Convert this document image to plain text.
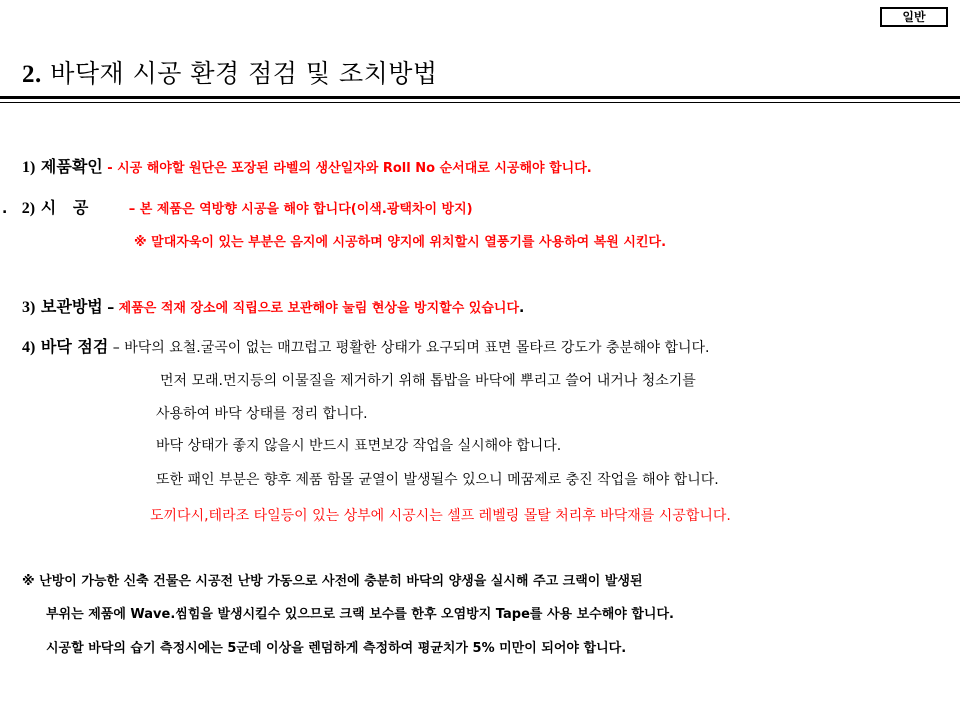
일반
2. 바닥재 시공 환경 점검 및 조치방법
1) 제품확인 - 시공 해야할 원단은 포장된 라벨의 생산일자와 Roll No 순서대로 시공해야 합니다.
. 2) 시   공	– 본 제품은 역방향 시공을 해야 합니다(이색.광택차이 방지)
※ 말대자욱이 있는 부분은 음지에 시공하며 양지에 위치할시 열풍기를 사용하여 복원 시킨다.
3) 보관방법 – 제품은 적재 장소에 직립으로 보관해야 눌림 현상을 방지할수 있습니다.
4) 바닥 점검 – 바닥의 요철.굴곡이 없는 매끄럽고 평활한 상태가 요구되며 표면 몰타르 강도가 충분해야 합니다.
먼저 모래.먼지등의 이물질을 제거하기 위해 톱밥을 바닥에 뿌리고 쓸어 내거나 청소기를
사용하여 바닥 상태를 정리 합니다.
바닥 상태가 좋지 않을시 반드시 표면보강 작업을 실시해야 합니다.
또한 패인 부분은 향후 제품 함몰 균열이 발생될수 있으니 메꿈제로 충진 작업을 해야 합니다.
도끼다시,테라조 타일등이 있는 상부에 시공시는 셀프 레벨링 몰탈 처리후 바닥재를 시공합니다.
※ 난방이 가능한 신축 건물은 시공전 난방 가동으로 사전에 충분히 바닥의 양생을 실시해 주고 크랙이 발생된
부위는 제품에 Wave.씸힘을 발생시킬수 있으므로 크랙 보수를 한후 오염방지 Tape를 사용 보수해야 합니다.
시공할 바닥의 습기 측정시에는 5군데 이상을 렌덤하게 측정하여 평균치가 5% 미만이 되어야 합니다.
